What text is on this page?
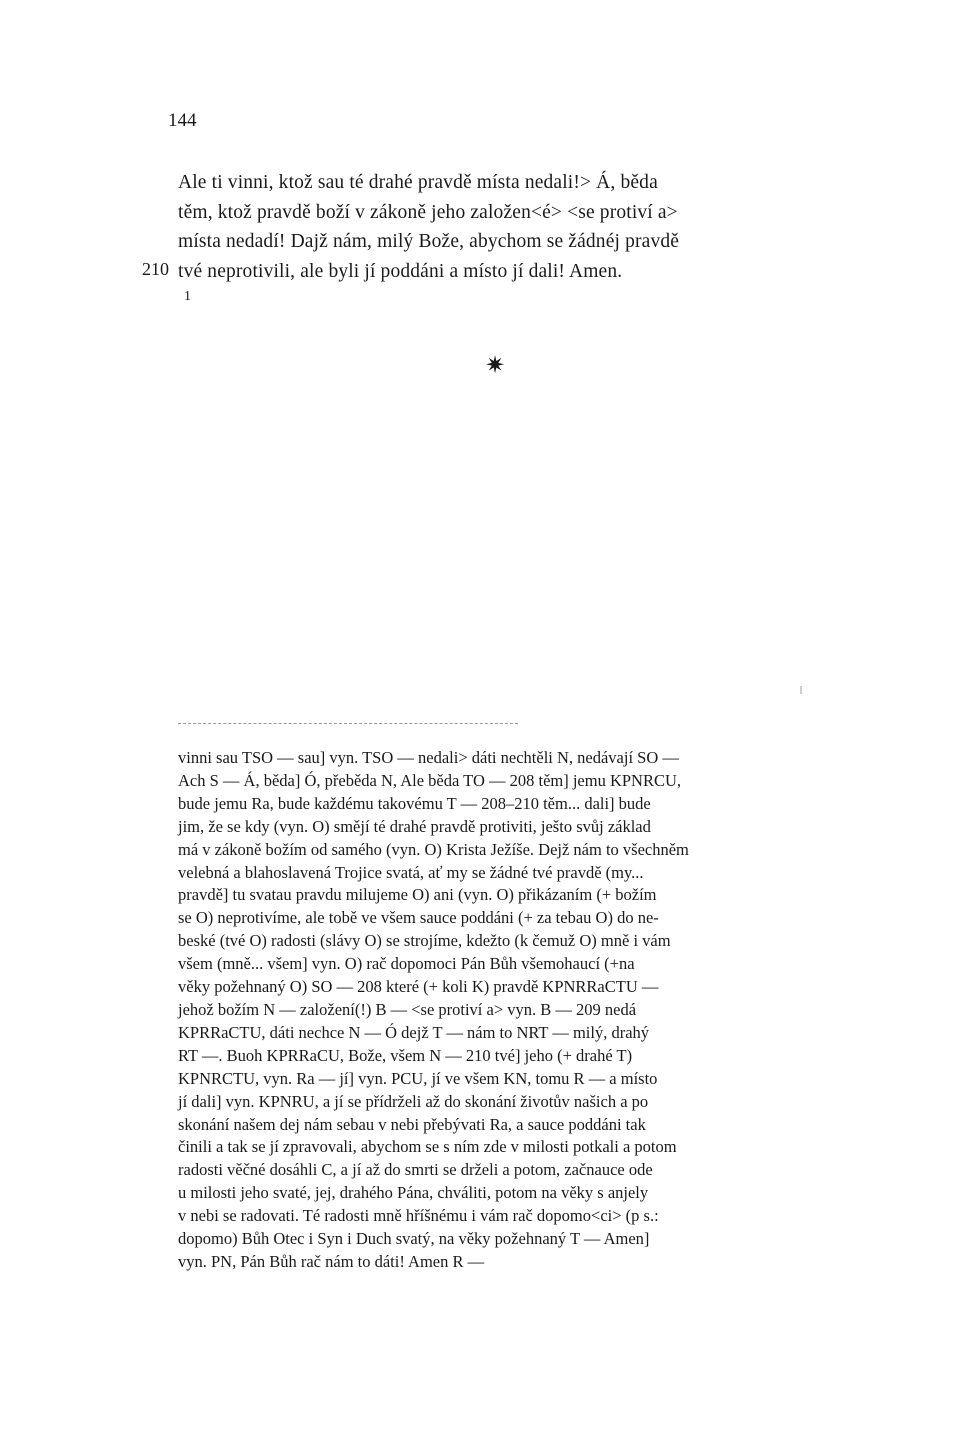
144
Ale ti vinni, ktož sau té drahé pravdě místa nedali!> Á, běda
těm, ktož pravdě boží v zákoně jeho založen<é> <se protiví a>
místa nedadí! Dajž nám, milý Bože, abychom se žádnéj pravdě
tvé neprotivili, ale byli jí poddáni a místo jí dali! Amen.
210
1
✷
vinni sau TSO — sau] vyn. TSO — nedali> dáti nechtěli N, nedávají SO —
Ach S — Á, běda] Ó, přeběda N, Ale běda TO — 208 těm] jemu KPNRCU,
bude jemu Ra, bude každému takovému T — 208–210 těm... dali] bude
jim, že se kdy (vyn. O) smějí té drahé pravdě protiviti, ješto svůj základ
má v zákoně božím od samého (vyn. O) Krista Ježíše. Dejž nám to všechněm
velebná a blahoslavená Trojice svatá, ať my se žádné tvé pravdě (my...
pravdě] tu svatau pravdu milujeme O) ani (vyn. O) přikázaním (+ božím
se O) neprotivíme, ale tobě ve všem sauce poddáni (+ za tebau O) do ne-
beské (tvé O) radosti (slávy O) se strojíme, kdežto (k čemuž O) mně i vám
všem (mně... všem] vyn. O) rač dopomoci Pán Bůh všemohaucí (+na
věky požehnaný O) SO — 208 které (+ koli K) pravdě KPNRRaCTU —
jehož božím N — založení(!) B — <se protiví a> vyn. B — 209 nedá
KPRRaCTU, dáti nechce N — Ó dejž T — nám to NRT — milý, drahý
RT —. Buoh KPRRaCU, Bože, všem N — 210 tvé] jeho (+ drahé T)
KPNRCTU, vyn. Ra — jí] vyn. PCU, jí ve všem KN, tomu R — a místo
jí dali] vyn. KPNRU, a jí se přídrželi až do skonání životův našich a po
skonání našem dej nám sebau v nebi přebývati Ra, a sauce poddáni tak
činili a tak se jí zpravovali, abychom se s ním zde v milosti potkali a potom
radosti věčné dosáhli C, a jí až do smrti se drželi a potom, začnauce ode
u milosti jeho svaté, jej, drahého Pána, chváliti, potom na věky s anjely
v nebi se radovati. Té radosti mně hříšnému i vám rač dopomo<ci> (p s.:
dopomo) Bůh Otec i Syn i Duch svatý, na věky požehnaný T — Amen]
vyn. PN, Pán Bůh rač nám to dáti! Amen R —
